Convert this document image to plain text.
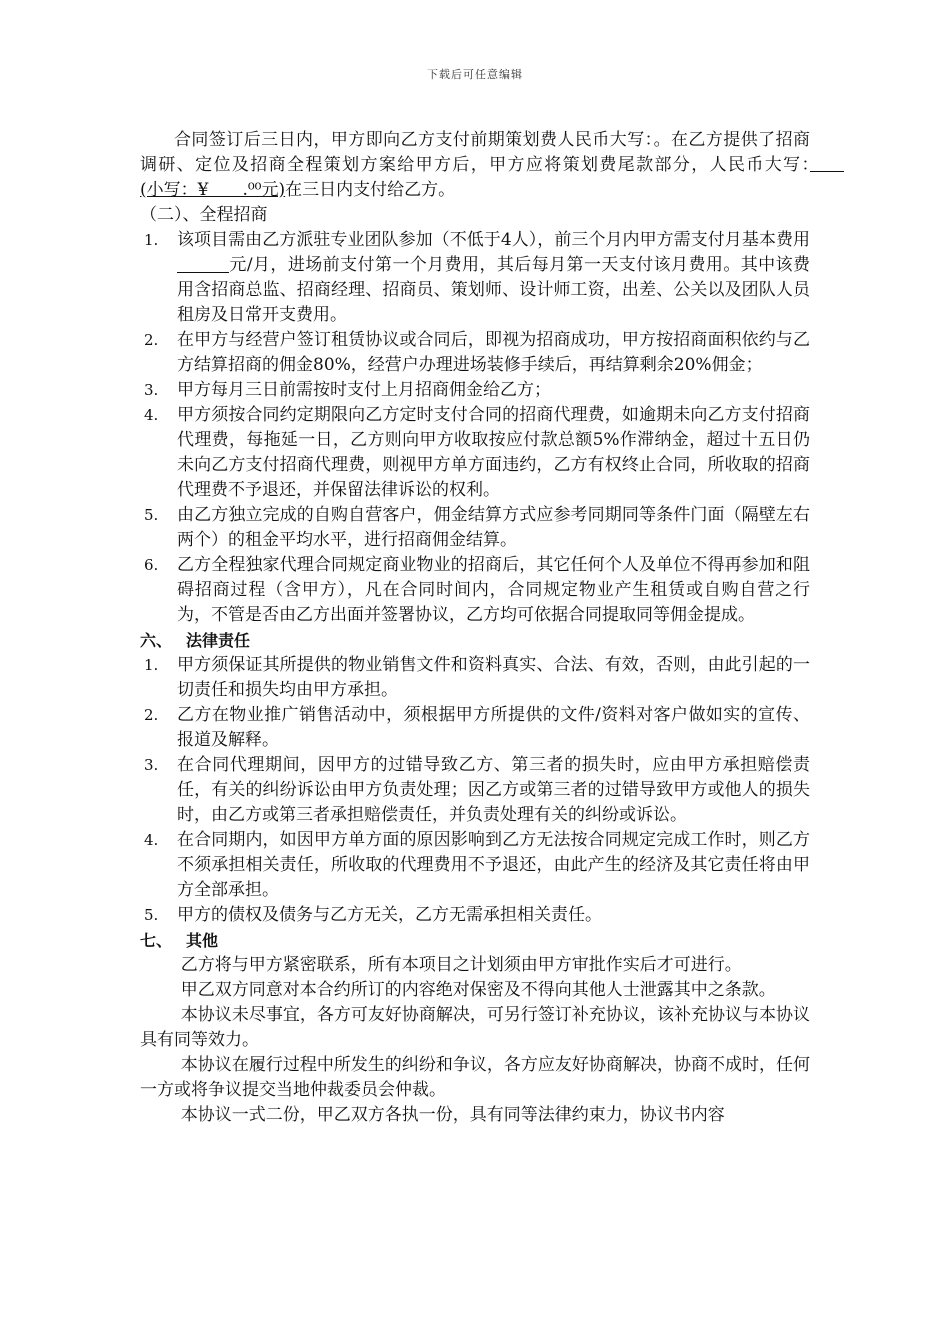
下载后可任意编辑

合同签订后三日内，甲方即向乙方支付前期策划费人民币大写：。在乙方提供了招商调研、定位及招商全程策划方案给甲方后，甲方应将策划费尾款部分，人民币大写：　　(小写：¥　　.⁰⁰元)在三日内支付给乙方。

（二）、全程招商

1. 该项目需由乙方派驻专业团队参加（不低于4人），前三个月内甲方需支付月基本费用元/月，进场前支付第一个月费用，其后每月第一天支付该月费用。其中该费用含招商总监、招商经理、招商员、策划师、设计师工资，出差、公关以及团队人员租房及日常开支费用。
2. 在甲方与经营户签订租赁协议或合同后，即视为招商成功，甲方按招商面积依约与乙方结算招商的佣金80%，经营户办理进场装修手续后，再结算剩余20%佣金；
3. 甲方每月三日前需按时支付上月招商佣金给乙方；
4. 甲方须按合同约定期限向乙方定时支付合同的招商代理费，如逾期未向乙方支付招商代理费，每拖延一日，乙方则向甲方收取按应付款总额5%作滞纳金，超过十五日仍未向乙方支付招商代理费，则视甲方单方面违约，乙方有权终止合同，所收取的招商代理费不予退还，并保留法律诉讼的权利。
5. 由乙方独立完成的自购自营客户，佣金结算方式应参考同期同等条件门面（隔壁左右两个）的租金平均水平，进行招商佣金结算。
6. 乙方全程独家代理合同规定商业物业的招商后，其它任何个人及单位不得再参加和阻碍招商过程（含甲方），凡在合同时间内，合同规定物业产生租赁或自购自营之行为，不管是否由乙方出面并签署协议，乙方均可依据合同提取同等佣金提成。

六、 法律责任

1. 甲方须保证其所提供的物业销售文件和资料真实、合法、有效，否则，由此引起的一切责任和损失均由甲方承担。
2. 乙方在物业推广销售活动中，须根据甲方所提供的文件/资料对客户做如实的宣传、报道及解释。
3. 在合同代理期间，因甲方的过错导致乙方、第三者的损失时，应由甲方承担赔偿责任，有关的纠纷诉讼由甲方负责处理；因乙方或第三者的过错导致甲方或他人的损失时，由乙方或第三者承担赔偿责任，并负责处理有关的纠纷或诉讼。
4. 在合同期内，如因甲方单方面的原因影响到乙方无法按合同规定完成工作时，则乙方不须承担相关责任，所收取的代理费用不予退还，由此产生的经济及其它责任将由甲方全部承担。
5. 甲方的债权及债务与乙方无关，乙方无需承担相关责任。

七、 其他

乙方将与甲方紧密联系，所有本项目之计划须由甲方审批作实后才可进行。

甲乙双方同意对本合约所订的内容绝对保密及不得向其他人士泄露其中之条款。

本协议未尽事宜，各方可友好协商解决，可另行签订补充协议，该补充协议与本协议具有同等效力。

本协议在履行过程中所发生的纠纷和争议，各方应友好协商解决，协商不成时，任何一方或将争议提交当地仲裁委员会仲裁。

本协议一式二份，甲乙双方各执一份，具有同等法律约束力，协议书内容
